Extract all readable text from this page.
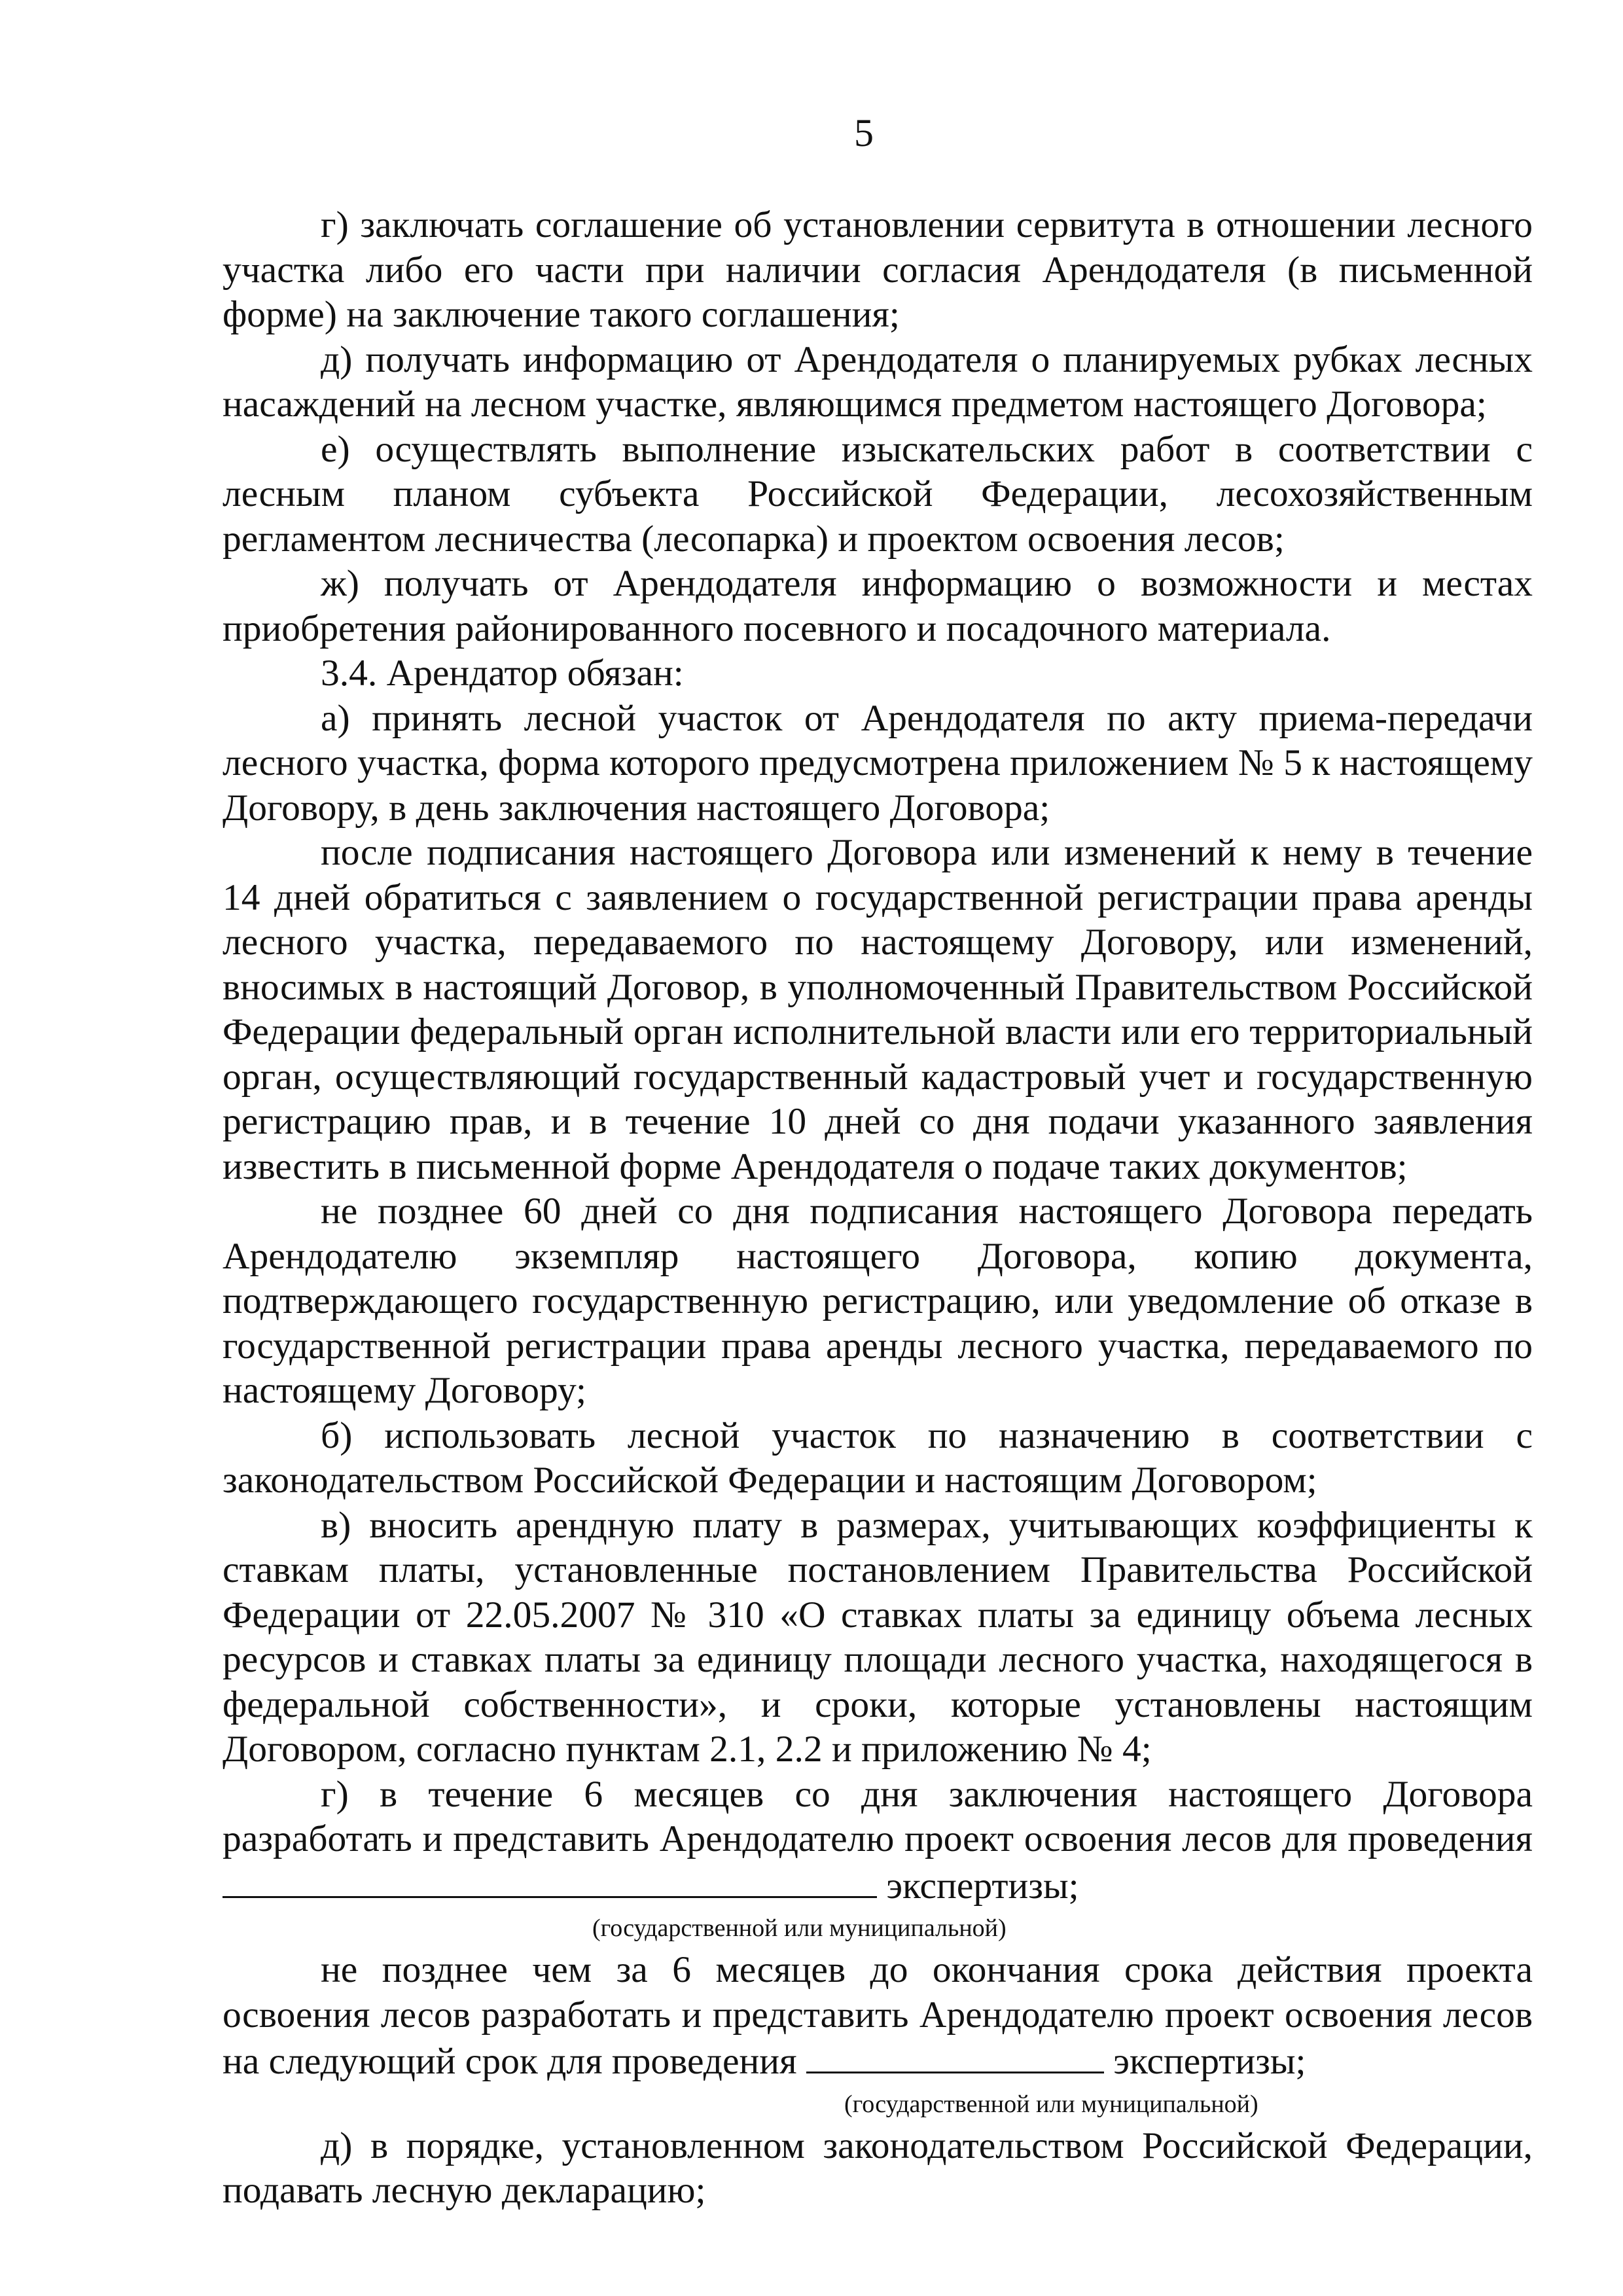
5

г) заключать соглашение об установлении сервитута в отношении лесного участка либо его части при наличии согласия Арендодателя (в письменной форме) на заключение такого соглашения;

д) получать информацию от Арендодателя о планируемых рубках лесных насаждений на лесном участке, являющимся предметом настоящего Договора;

е) осуществлять выполнение изыскательских работ в соответствии с лесным планом субъекта Российской Федерации, лесохозяйственным регламентом лесничества (лесопарка) и проектом освоения лесов;

ж) получать от Арендодателя информацию о возможности и местах приобретения районированного посевного и посадочного материала.

3.4. Арендатор обязан:

а) принять лесной участок от Арендодателя по акту приема-передачи лесного участка, форма которого предусмотрена приложением № 5 к настоящему Договору, в день заключения настоящего Договора;

после подписания настоящего Договора или изменений к нему в течение 14 дней обратиться с заявлением о государственной регистрации права аренды лесного участка, передаваемого по настоящему Договору, или изменений, вносимых в настоящий Договор, в уполномоченный Правительством Российской Федерации федеральный орган исполнительной власти или его территориальный орган, осуществляющий государственный кадастровый учет и государственную регистрацию прав, и в течение 10 дней со дня подачи указанного заявления известить в письменной форме Арендодателя о подаче таких документов;

не позднее 60 дней со дня подписания настоящего Договора передать Арендодателю экземпляр настоящего Договора, копию документа, подтверждающего государственную регистрацию, или уведомление об отказе в государственной регистрации права аренды лесного участка, передаваемого по настоящему Договору;

б) использовать лесной участок по назначению в соответствии с законодательством Российской Федерации и настоящим Договором;

в) вносить арендную плату в размерах, учитывающих коэффициенты к ставкам платы, установленные постановлением Правительства Российской Федерации от 22.05.2007 № 310 «О ставках платы за единицу объема лесных ресурсов и ставках платы за единицу площади лесного участка, находящегося в федеральной собственности», и сроки, которые установлены настоящим Договором, согласно пунктам 2.1, 2.2 и приложению № 4;

г) в течение 6 месяцев со дня заключения настоящего Договора разработать и представить Арендодателю проект освоения лесов для проведения экспертизы;

(государственной или муниципальной)

не позднее чем за 6 месяцев до окончания срока действия проекта освоения лесов разработать и представить Арендодателю проект освоения лесов на следующий срок для проведения	экспертизы;

(государственной или муниципальной)

д) в порядке, установленном законодательством Российской Федерации, подавать лесную декларацию;
